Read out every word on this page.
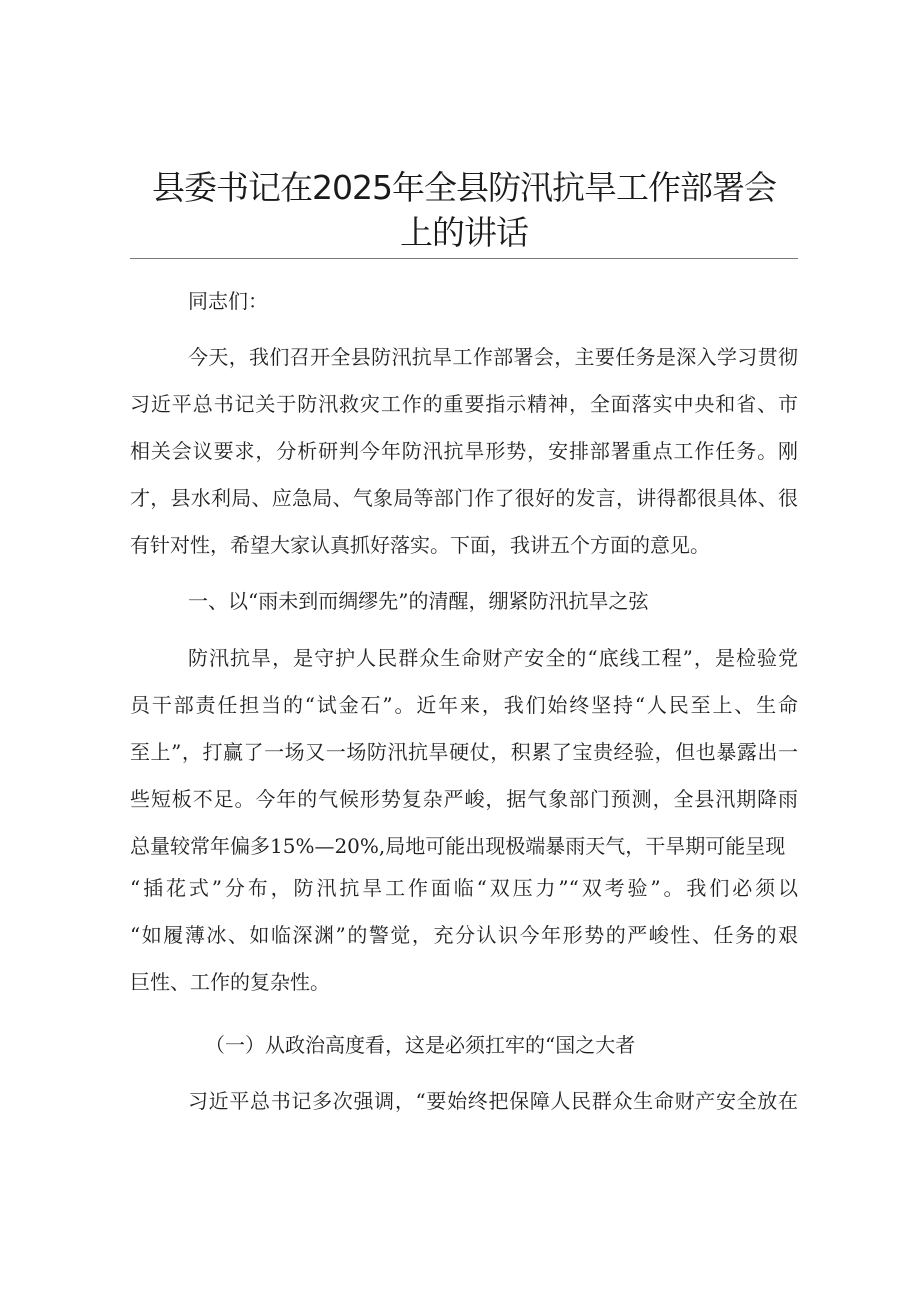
县委书记在2025年全县防汛抗旱工作部署会
上的讲话
同志们：
今天，我们召开全县防汛抗旱工作部署会，主要任务是深入学习贯彻
习近平总书记关于防汛救灾工作的重要指示精神，全面落实中央和省、市
相关会议要求，分析研判今年防汛抗旱形势，安排部署重点工作任务。刚
才，县水利局、应急局、气象局等部门作了很好的发言，讲得都很具体、很
有针对性，希望大家认真抓好落实。下面，我讲五个方面的意见。
一、以“雨未到而绸缪先”的清醒，绷紧防汛抗旱之弦
防汛抗旱，是守护人民群众生命财产安全的“底线工程”，是检验党
员干部责任担当的“试金石”。近年来，我们始终坚持“人民至上、生命
至上”，打赢了一场又一场防汛抗旱硬仗，积累了宝贵经验，但也暴露出一
些短板不足。今年的气候形势复杂严峻，据气象部门预测，全县汛期降雨
总量较常年偏多15%—20%,局地可能出现极端暴雨天气，干旱期可能呈现
“插花式”分布，防汛抗旱工作面临“双压力”“双考验”。我们必须以
“如履薄冰、如临深渊”的警觉，充分认识今年形势的严峻性、任务的艰
巨性、工作的复杂性。
（一）从政治高度看，这是必须扛牢的“国之大者
习近平总书记多次强调，“要始终把保障人民群众生命财产安全放在
